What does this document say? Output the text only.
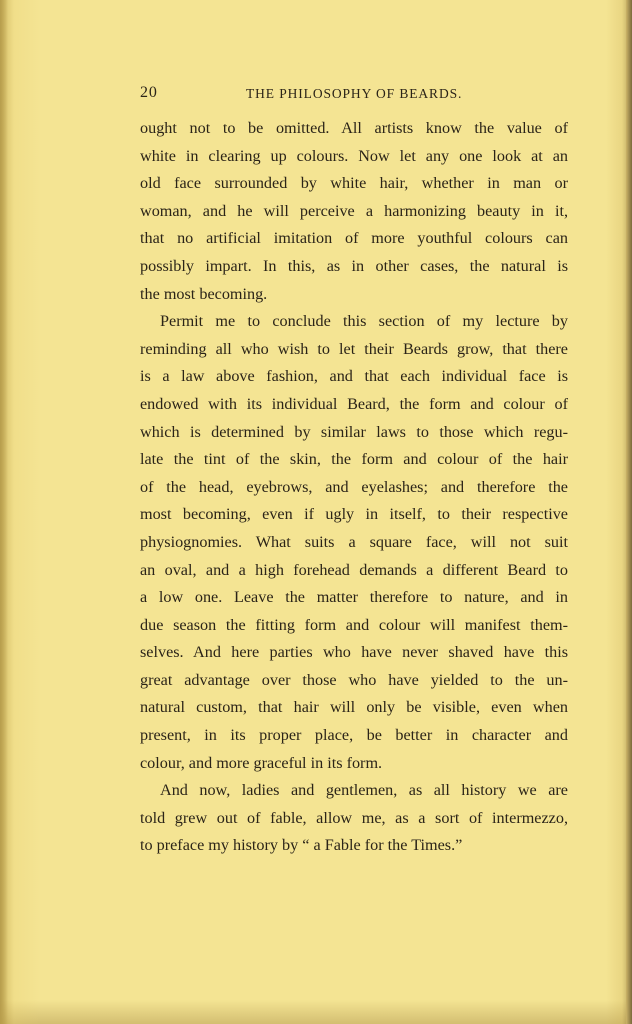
20	THE PHILOSOPHY OF BEARDS.
ought not to be omitted. All artists know the value of
white in clearing up colours. Now let any one look at an
old face surrounded by white hair, whether in man or
woman, and he will perceive a harmonizing beauty in it,
that no artificial imitation of more youthful colours can
possibly impart. In this, as in other cases, the natural is
the most becoming.
Permit me to conclude this section of my lecture by
reminding all who wish to let their Beards grow, that there
is a law above fashion, and that each individual face is
endowed with its individual Beard, the form and colour of
which is determined by similar laws to those which regu-
late the tint of the skin, the form and colour of the hair
of the head, eyebrows, and eyelashes; and therefore the
most becoming, even if ugly in itself, to their respective
physiognomies. What suits a square face, will not suit
an oval, and a high forehead demands a different Beard to
a low one. Leave the matter therefore to nature, and in
due season the fitting form and colour will manifest them-
selves. And here parties who have never shaved have this
great advantage over those who have yielded to the un-
natural custom, that hair will only be visible, even when
present, in its proper place, be better in character and
colour, and more graceful in its form.
And now, ladies and gentlemen, as all history we are
told grew out of fable, allow me, as a sort of intermezzo,
to preface my history by “ a Fable for the Times.”
